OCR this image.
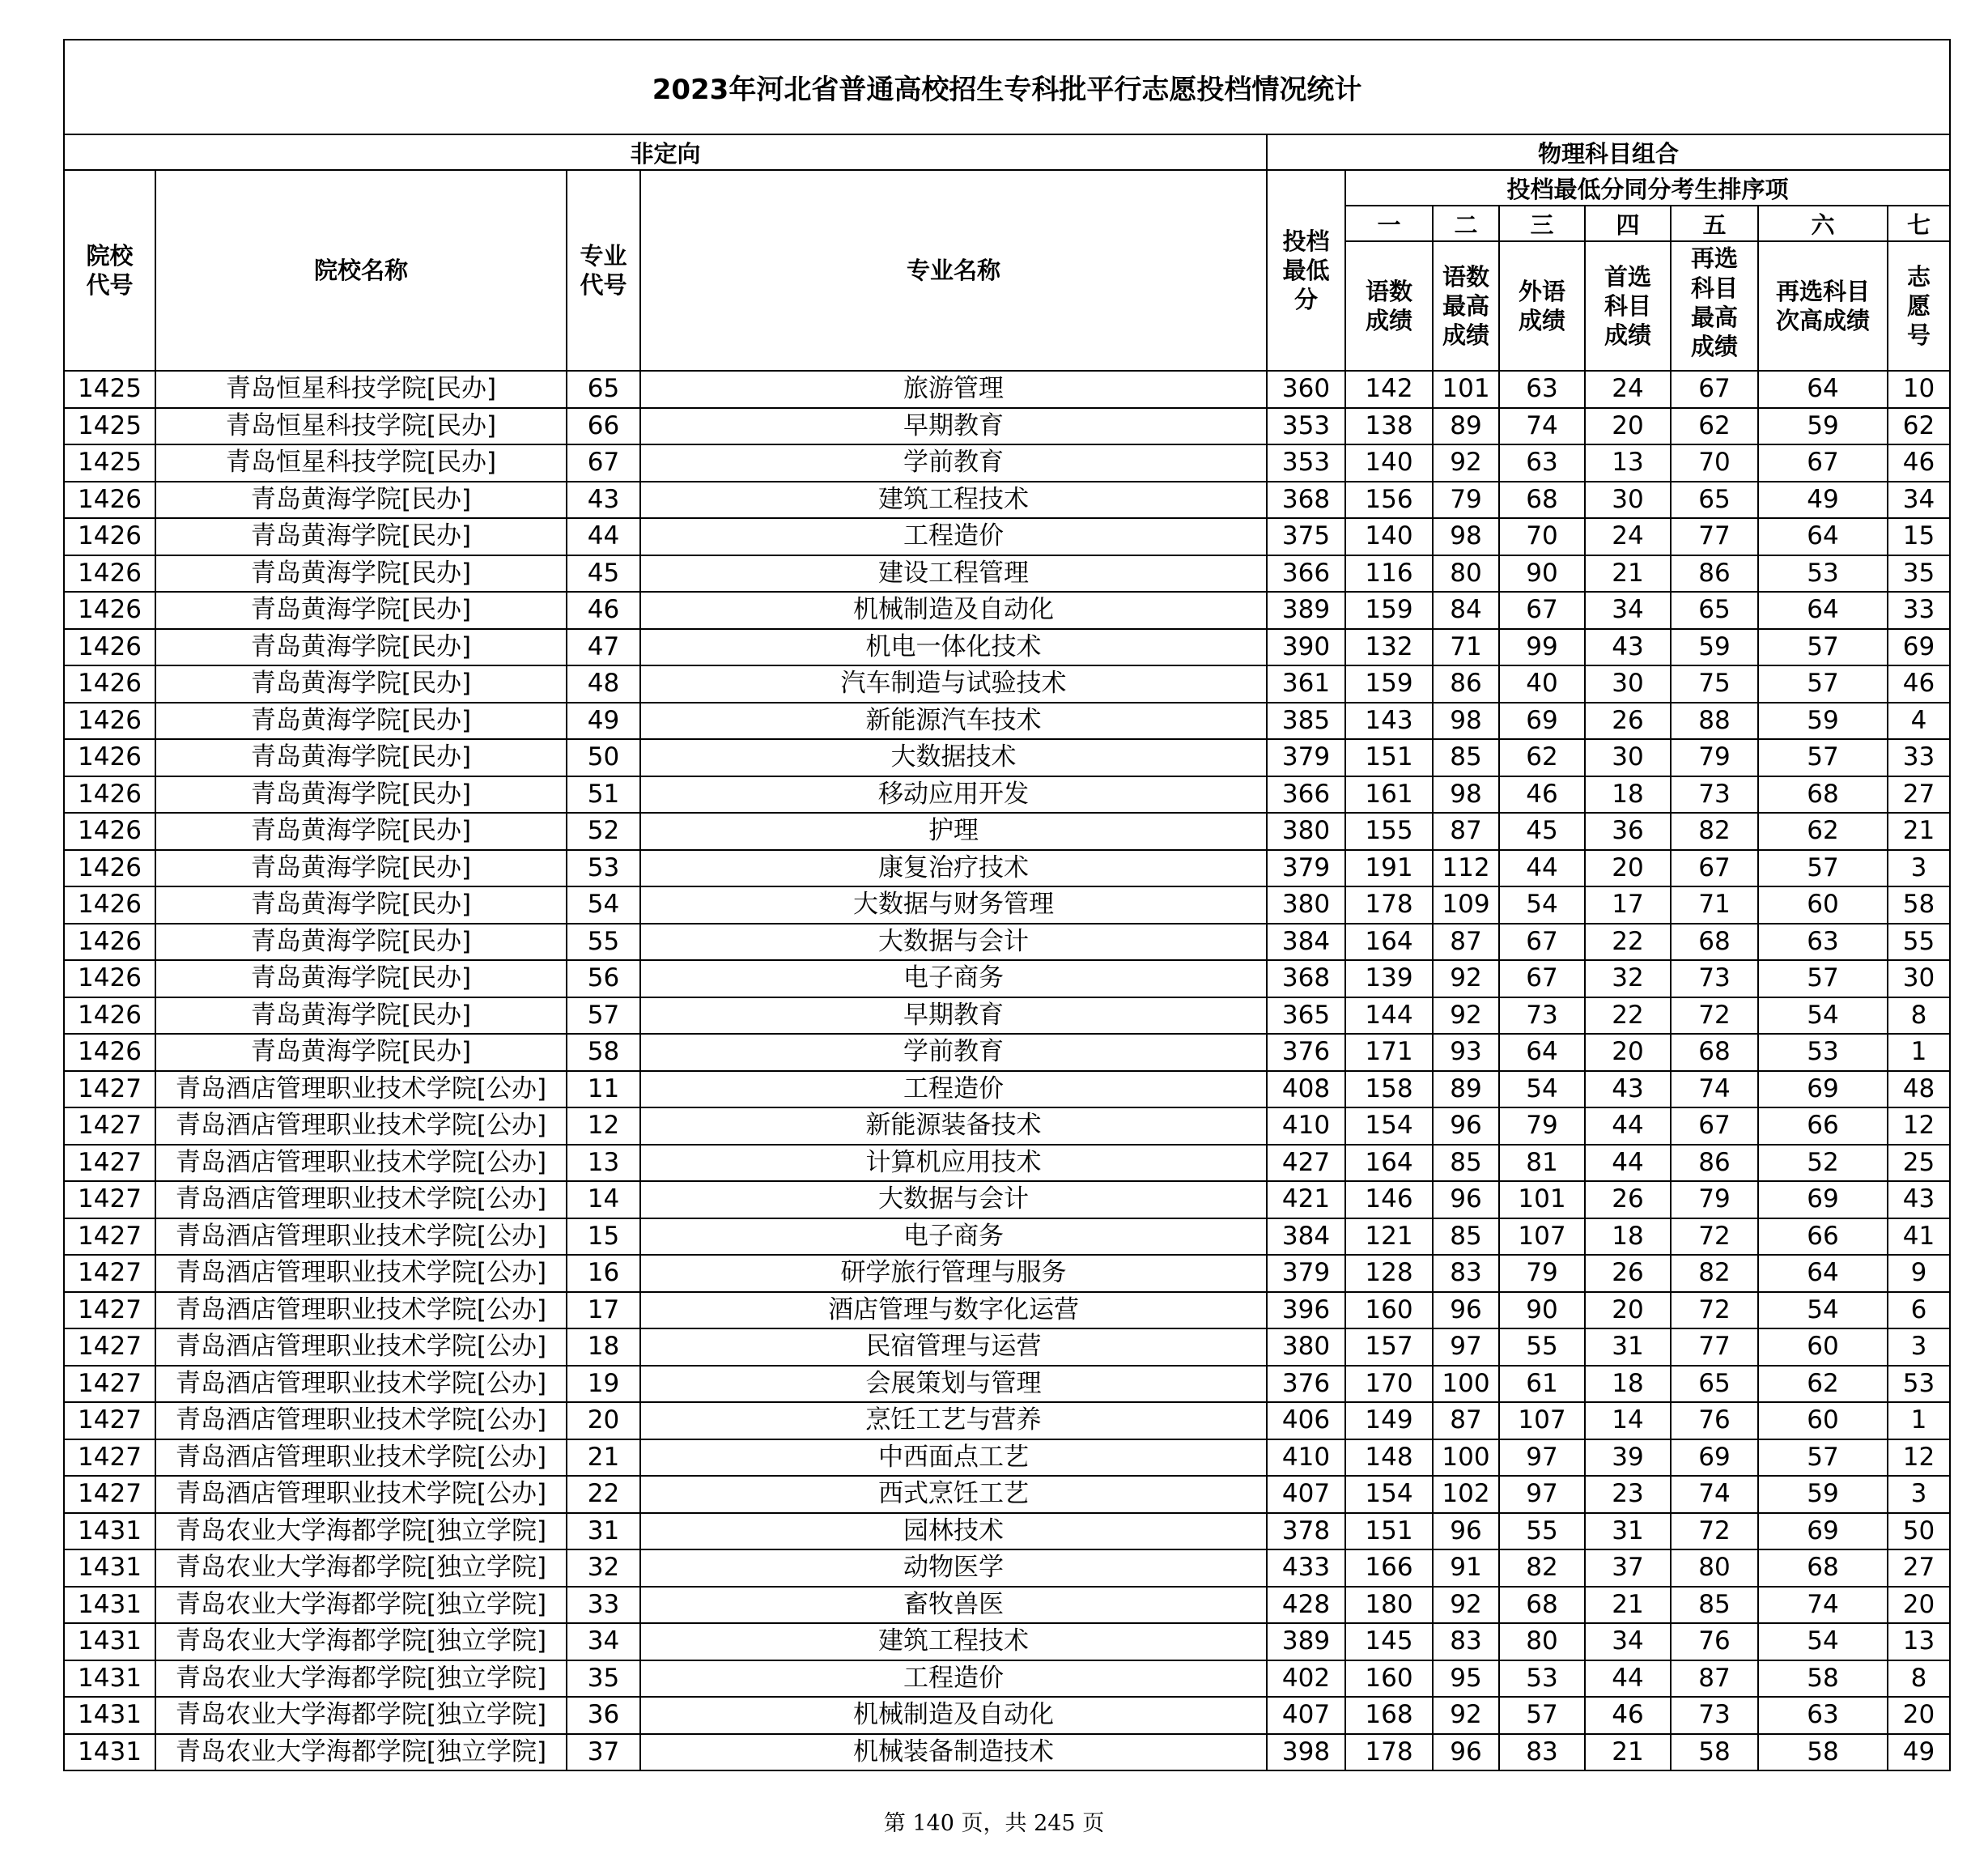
2023年河北省普通高校招生专科批平行志愿投档情况统计											
非定向				物理科目组合							
院校代号	院校名称	专业代号	专业名称	投档最低分	投档最低分同分考生排序项						
					一	二	三	四	五	六	七
					语数成绩	语数最高成绩	外语成绩	首选科目成绩	再选科目最高成绩	再选科目次高成绩	志愿号
1425	青岛恒星科技学院[民办]	65	旅游管理	360	142	101	63	24	67	64	10
1425	青岛恒星科技学院[民办]	66	早期教育	353	138	89	74	20	62	59	62
1425	青岛恒星科技学院[民办]	67	学前教育	353	140	92	63	13	70	67	46
1426	青岛黄海学院[民办]	43	建筑工程技术	368	156	79	68	30	65	49	34
1426	青岛黄海学院[民办]	44	工程造价	375	140	98	70	24	77	64	15
1426	青岛黄海学院[民办]	45	建设工程管理	366	116	80	90	21	86	53	35
1426	青岛黄海学院[民办]	46	机械制造及自动化	389	159	84	67	34	65	64	33
1426	青岛黄海学院[民办]	47	机电一体化技术	390	132	71	99	43	59	57	69
1426	青岛黄海学院[民办]	48	汽车制造与试验技术	361	159	86	40	30	75	57	46
1426	青岛黄海学院[民办]	49	新能源汽车技术	385	143	98	69	26	88	59	4
1426	青岛黄海学院[民办]	50	大数据技术	379	151	85	62	30	79	57	33
1426	青岛黄海学院[民办]	51	移动应用开发	366	161	98	46	18	73	68	27
1426	青岛黄海学院[民办]	52	护理	380	155	87	45	36	82	62	21
1426	青岛黄海学院[民办]	53	康复治疗技术	379	191	112	44	20	67	57	3
1426	青岛黄海学院[民办]	54	大数据与财务管理	380	178	109	54	17	71	60	58
1426	青岛黄海学院[民办]	55	大数据与会计	384	164	87	67	22	68	63	55
1426	青岛黄海学院[民办]	56	电子商务	368	139	92	67	32	73	57	30
1426	青岛黄海学院[民办]	57	早期教育	365	144	92	73	22	72	54	8
1426	青岛黄海学院[民办]	58	学前教育	376	171	93	64	20	68	53	1
1427	青岛酒店管理职业技术学院[公办]	11	工程造价	408	158	89	54	43	74	69	48
1427	青岛酒店管理职业技术学院[公办]	12	新能源装备技术	410	154	96	79	44	67	66	12
1427	青岛酒店管理职业技术学院[公办]	13	计算机应用技术	427	164	85	81	44	86	52	25
1427	青岛酒店管理职业技术学院[公办]	14	大数据与会计	421	146	96	101	26	79	69	43
1427	青岛酒店管理职业技术学院[公办]	15	电子商务	384	121	85	107	18	72	66	41
1427	青岛酒店管理职业技术学院[公办]	16	研学旅行管理与服务	379	128	83	79	26	82	64	9
1427	青岛酒店管理职业技术学院[公办]	17	酒店管理与数字化运营	396	160	96	90	20	72	54	6
1427	青岛酒店管理职业技术学院[公办]	18	民宿管理与运营	380	157	97	55	31	77	60	3
1427	青岛酒店管理职业技术学院[公办]	19	会展策划与管理	376	170	100	61	18	65	62	53
1427	青岛酒店管理职业技术学院[公办]	20	烹饪工艺与营养	406	149	87	107	14	76	60	1
1427	青岛酒店管理职业技术学院[公办]	21	中西面点工艺	410	148	100	97	39	69	57	12
1427	青岛酒店管理职业技术学院[公办]	22	西式烹饪工艺	407	154	102	97	23	74	59	3
1431	青岛农业大学海都学院[独立学院]	31	园林技术	378	151	96	55	31	72	69	50
1431	青岛农业大学海都学院[独立学院]	32	动物医学	433	166	91	82	37	80	68	27
1431	青岛农业大学海都学院[独立学院]	33	畜牧兽医	428	180	92	68	21	85	74	20
1431	青岛农业大学海都学院[独立学院]	34	建筑工程技术	389	145	83	80	34	76	54	13
1431	青岛农业大学海都学院[独立学院]	35	工程造价	402	160	95	53	44	87	58	8
1431	青岛农业大学海都学院[独立学院]	36	机械制造及自动化	407	168	92	57	46	73	63	20
1431	青岛农业大学海都学院[独立学院]	37	机械装备制造技术	398	178	96	83	21	58	58	49
第 140 页，共 245 页
